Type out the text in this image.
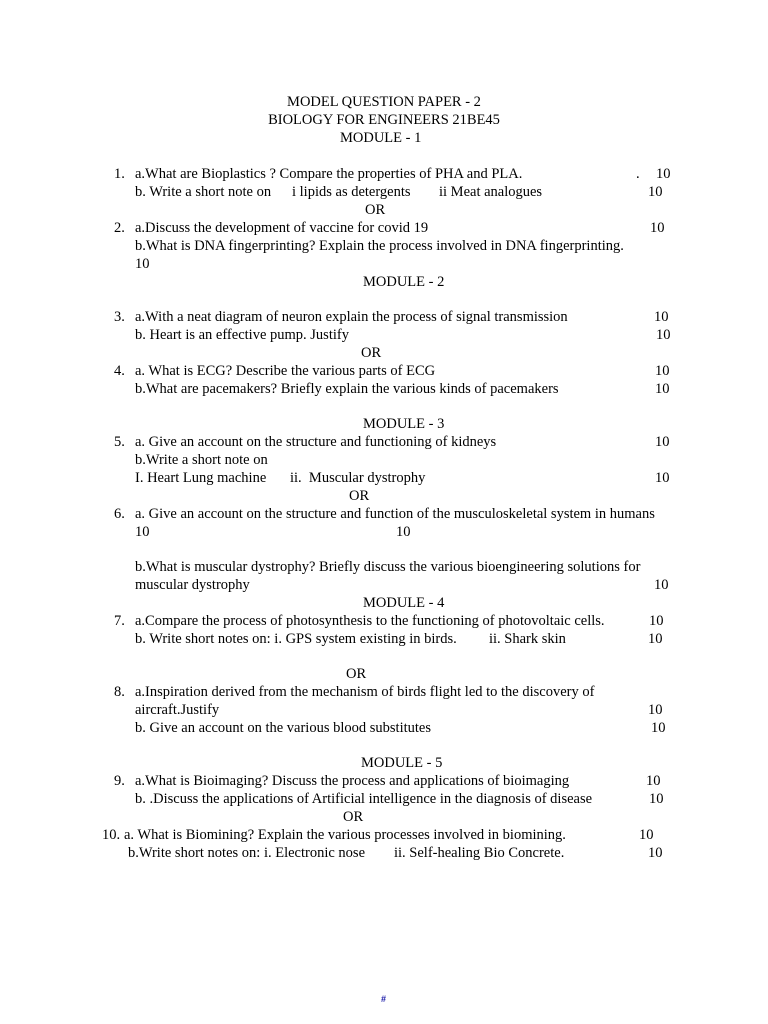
MODEL QUESTION PAPER - 2
BIOLOGY FOR ENGINEERS 21BE45
MODULE - 1
1. a.What are Bioplastics ? Compare the properties of PHA and PLA.	. 10
b. Write a short note on i lipids as detergents ii Meat analogues	10
OR
2. a.Discuss the development of vaccine for covid 19	10
b.What is DNA fingerprinting? Explain the process involved in DNA fingerprinting.
10
MODULE - 2
3. a.With a neat diagram of neuron explain the process of signal transmission	10
b. Heart is an effective pump. Justify	10
OR
4. a. What is ECG? Describe the various parts of ECG	10
b.What are pacemakers? Briefly explain the various kinds of pacemakers	10
MODULE - 3
5. a. Give an account on the structure and functioning of kidneys	10
b.Write a short note on
I. Heart Lung machine ii.  Muscular dystrophy	10
OR
6. a. Give an account on the structure and function of the musculoskeletal system in humans
10	10
b.What is muscular dystrophy? Briefly discuss the various bioengineering solutions for
muscular dystrophy	10
MODULE - 4
7. a.Compare the process of photosynthesis to the functioning of photovoltaic cells.	10
b. Write short notes on: i. GPS system existing in birds. ii. Shark skin	10
OR
8. a.Inspiration derived from the mechanism of birds flight led to the discovery of
aircraft.Justify	10
b. Give an account on the various blood substitutes	10
MODULE - 5
9. a.What is Bioimaging? Discuss the process and applications of bioimaging	10
b. .Discuss the applications of Artificial intelligence in the diagnosis of disease	10
OR
10. a. What is Biomining? Explain the various processes involved in biomining.	10
b.Write short notes on: i. Electronic nose ii. Self-healing Bio Concrete.	10
#
